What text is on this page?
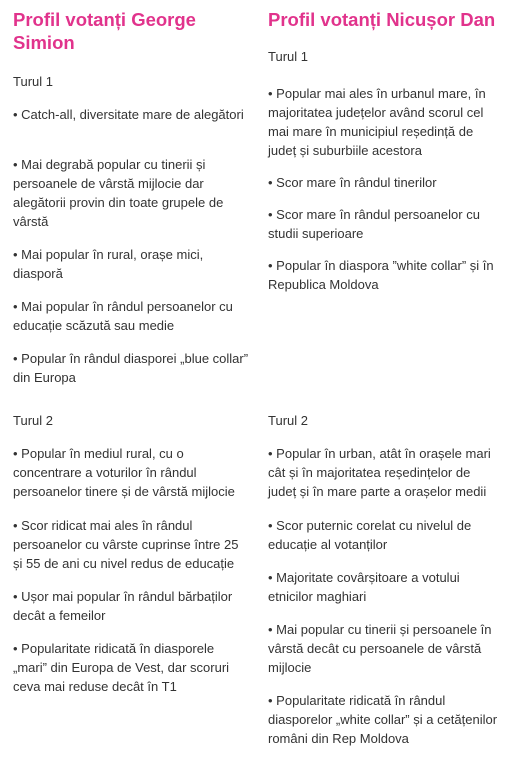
Profil votanți George Simion

Turul 1

• Catch-all, diversitate mare de alegători

• Mai degrabă popular cu tinerii și persoanele de vârstă mijlocie dar alegătorii provin din toate grupele de vârstă

• Mai popular în rural, orașe mici, diasporă

• Mai popular în rândul persoanelor cu educație scăzută sau medie

• Popular în rândul diasporei „blue collar” din Europa

Turul 2

• Popular în mediul rural, cu o concentrare a voturilor în rândul persoanelor tinere și de vârstă mijlocie

• Scor ridicat mai ales în rândul persoanelor cu vârste cuprinse între 25 și 55 de ani cu nivel redus de educație

• Ușor mai popular în rândul bărbaților decât a femeilor

• Popularitate ridicată în diasporele „mari” din Europa de Vest, dar scoruri ceva mai reduse decât în T1

Profil votanți Nicușor Dan

Turul 1

• Popular mai ales în urbanul mare, în majoritatea județelor având scorul cel mai mare în municipiul reședință de județ și suburbiile acestora

• Scor mare în rândul tinerilor

• Scor mare în rândul persoanelor cu studii superioare

• Popular în diaspora ”white collar” și în Republica Moldova

Turul 2

• Popular în urban, atât în orașele mari cât și în majoritatea reședințelor de județ și în mare parte a orașelor medii

• Scor puternic corelat cu nivelul de educație al votanților

• Majoritate covârșitoare a votului etnicilor maghiari

• Mai popular cu tinerii și persoanele în vârstă decât cu persoanele de vârstă mijlocie

• Popularitate ridicată în rândul diasporelor „white collar” și a cetățenilor români din Rep Moldova
